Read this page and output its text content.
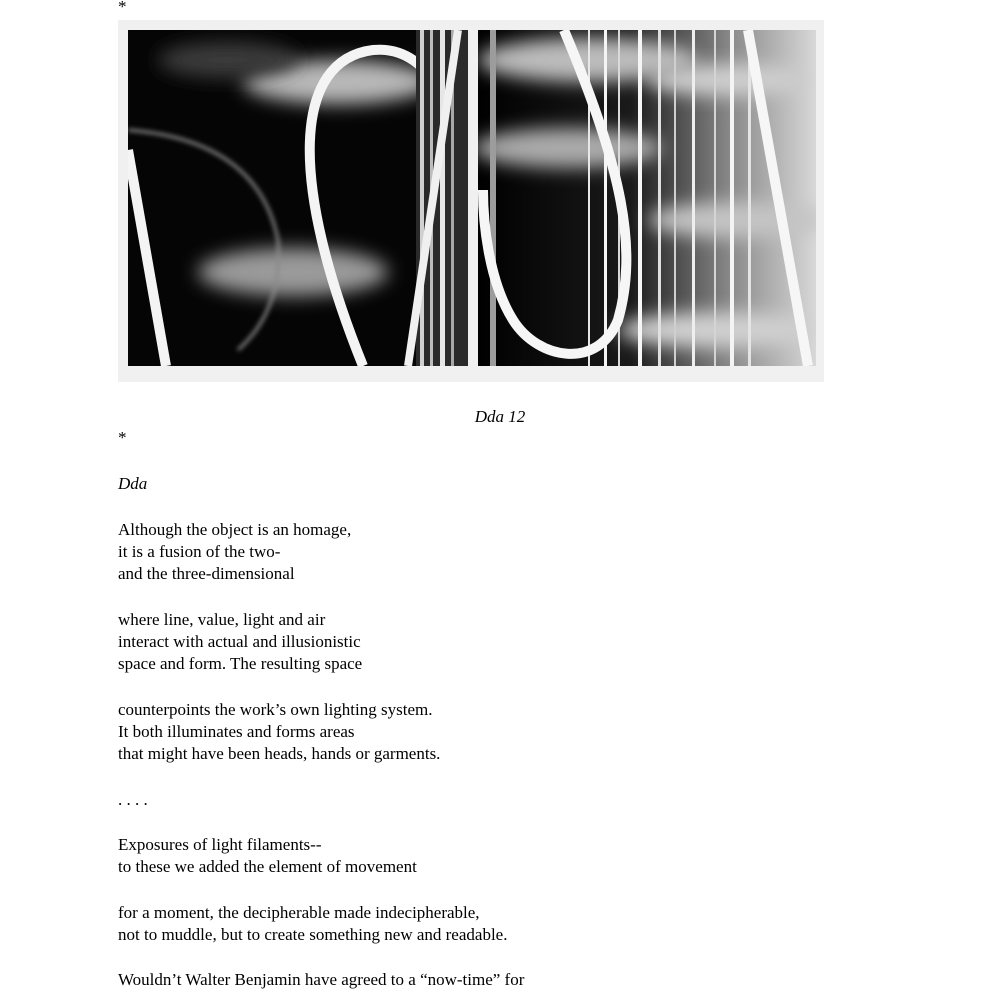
*
Dda 12
*
Dda
Although the object is an homage,
it is a fusion of the two-
and the three-dimensional
where line, value, light and air
interact with actual and illusionistic
space and form. The resulting space
counterpoints the work’s own lighting system.
It both illuminates and forms areas
that might have been heads, hands or garments.
. . . .
Exposures of light filaments--
to these we added the element of movement
for a moment, the decipherable made indecipherable,
not to muddle, but to create something new and readable.
Wouldn’t Walter Benjamin have agreed to a “now-time” for
